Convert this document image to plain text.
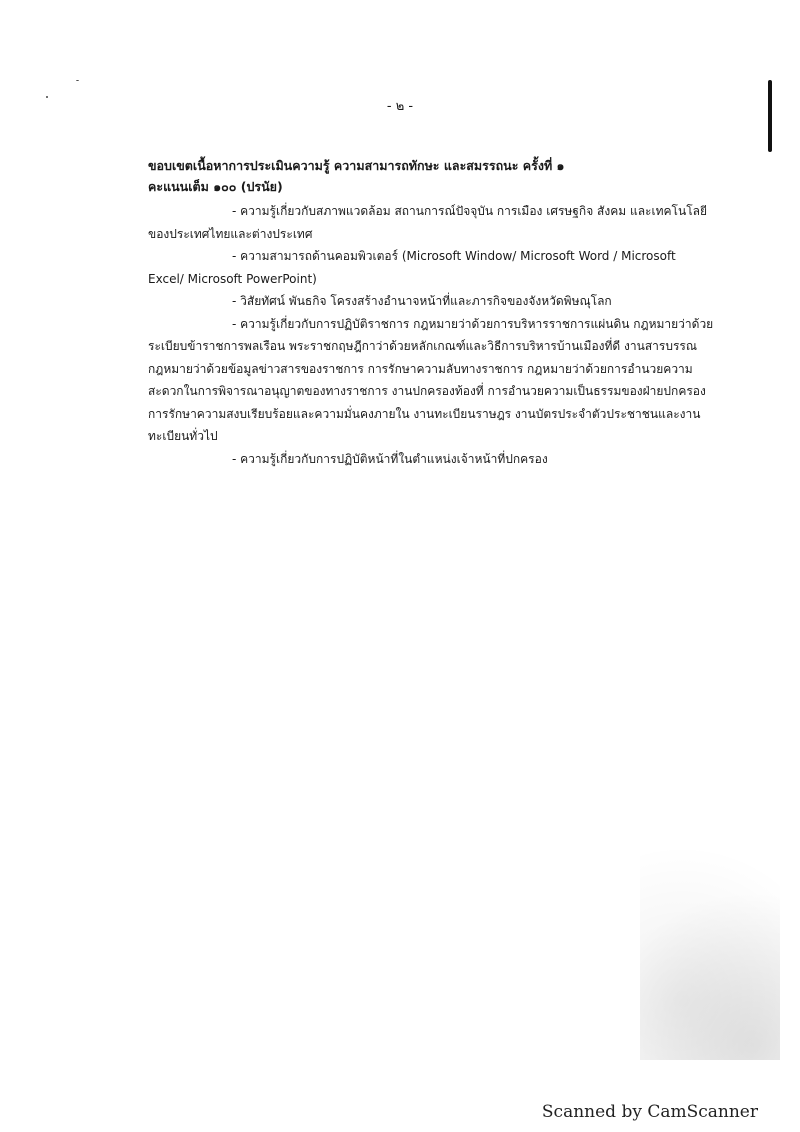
- ๒ -
ขอบเขตเนื้อหาการประเมินความรู้ ความสามารถทักษะ และสมรรถนะ ครั้งที่ ๑
คะแนนเต็ม ๑๐๐ (ปรนัย)

- ความรู้เกี่ยวกับสภาพแวดล้อม สถานการณ์ปัจจุบัน การเมือง เศรษฐกิจ สังคม และเทคโนโลยี
ของประเทศไทยและต่างประเทศ

- ความสามารถด้านคอมพิวเตอร์ (Microsoft Window/ Microsoft Word / Microsoft
Excel/ Microsoft PowerPoint)

- วิสัยทัศน์ พันธกิจ โครงสร้างอำนาจหน้าที่และภารกิจของจังหวัดพิษณุโลก

- ความรู้เกี่ยวกับการปฏิบัติราชการ กฎหมายว่าด้วยการบริหารราชการแผ่นดิน กฎหมายว่าด้วย
ระเบียบข้าราชการพลเรือน พระราชกฤษฎีกาว่าด้วยหลักเกณฑ์และวิธีการบริหารบ้านเมืองที่ดี งานสารบรรณ กฎหมายว่าด้วยข้อมูลข่าวสารของราชการ การรักษาความลับทางราชการ กฎหมายว่าด้วยการอำนวยความสะดวกในการพิจารณาอนุญาตของทางราชการ งานปกครองท้องที่ การอำนวยความเป็นธรรมของฝ่ายปกครอง การรักษาความสงบเรียบร้อยและความมั่นคงภายใน งานทะเบียนราษฎร งานบัตรประจำตัวประชาชนและงานทะเบียนทั่วไป

- ความรู้เกี่ยวกับการปฏิบัติหน้าที่ในตำแหน่งเจ้าหน้าที่ปกครอง

Scanned by CamScanner
